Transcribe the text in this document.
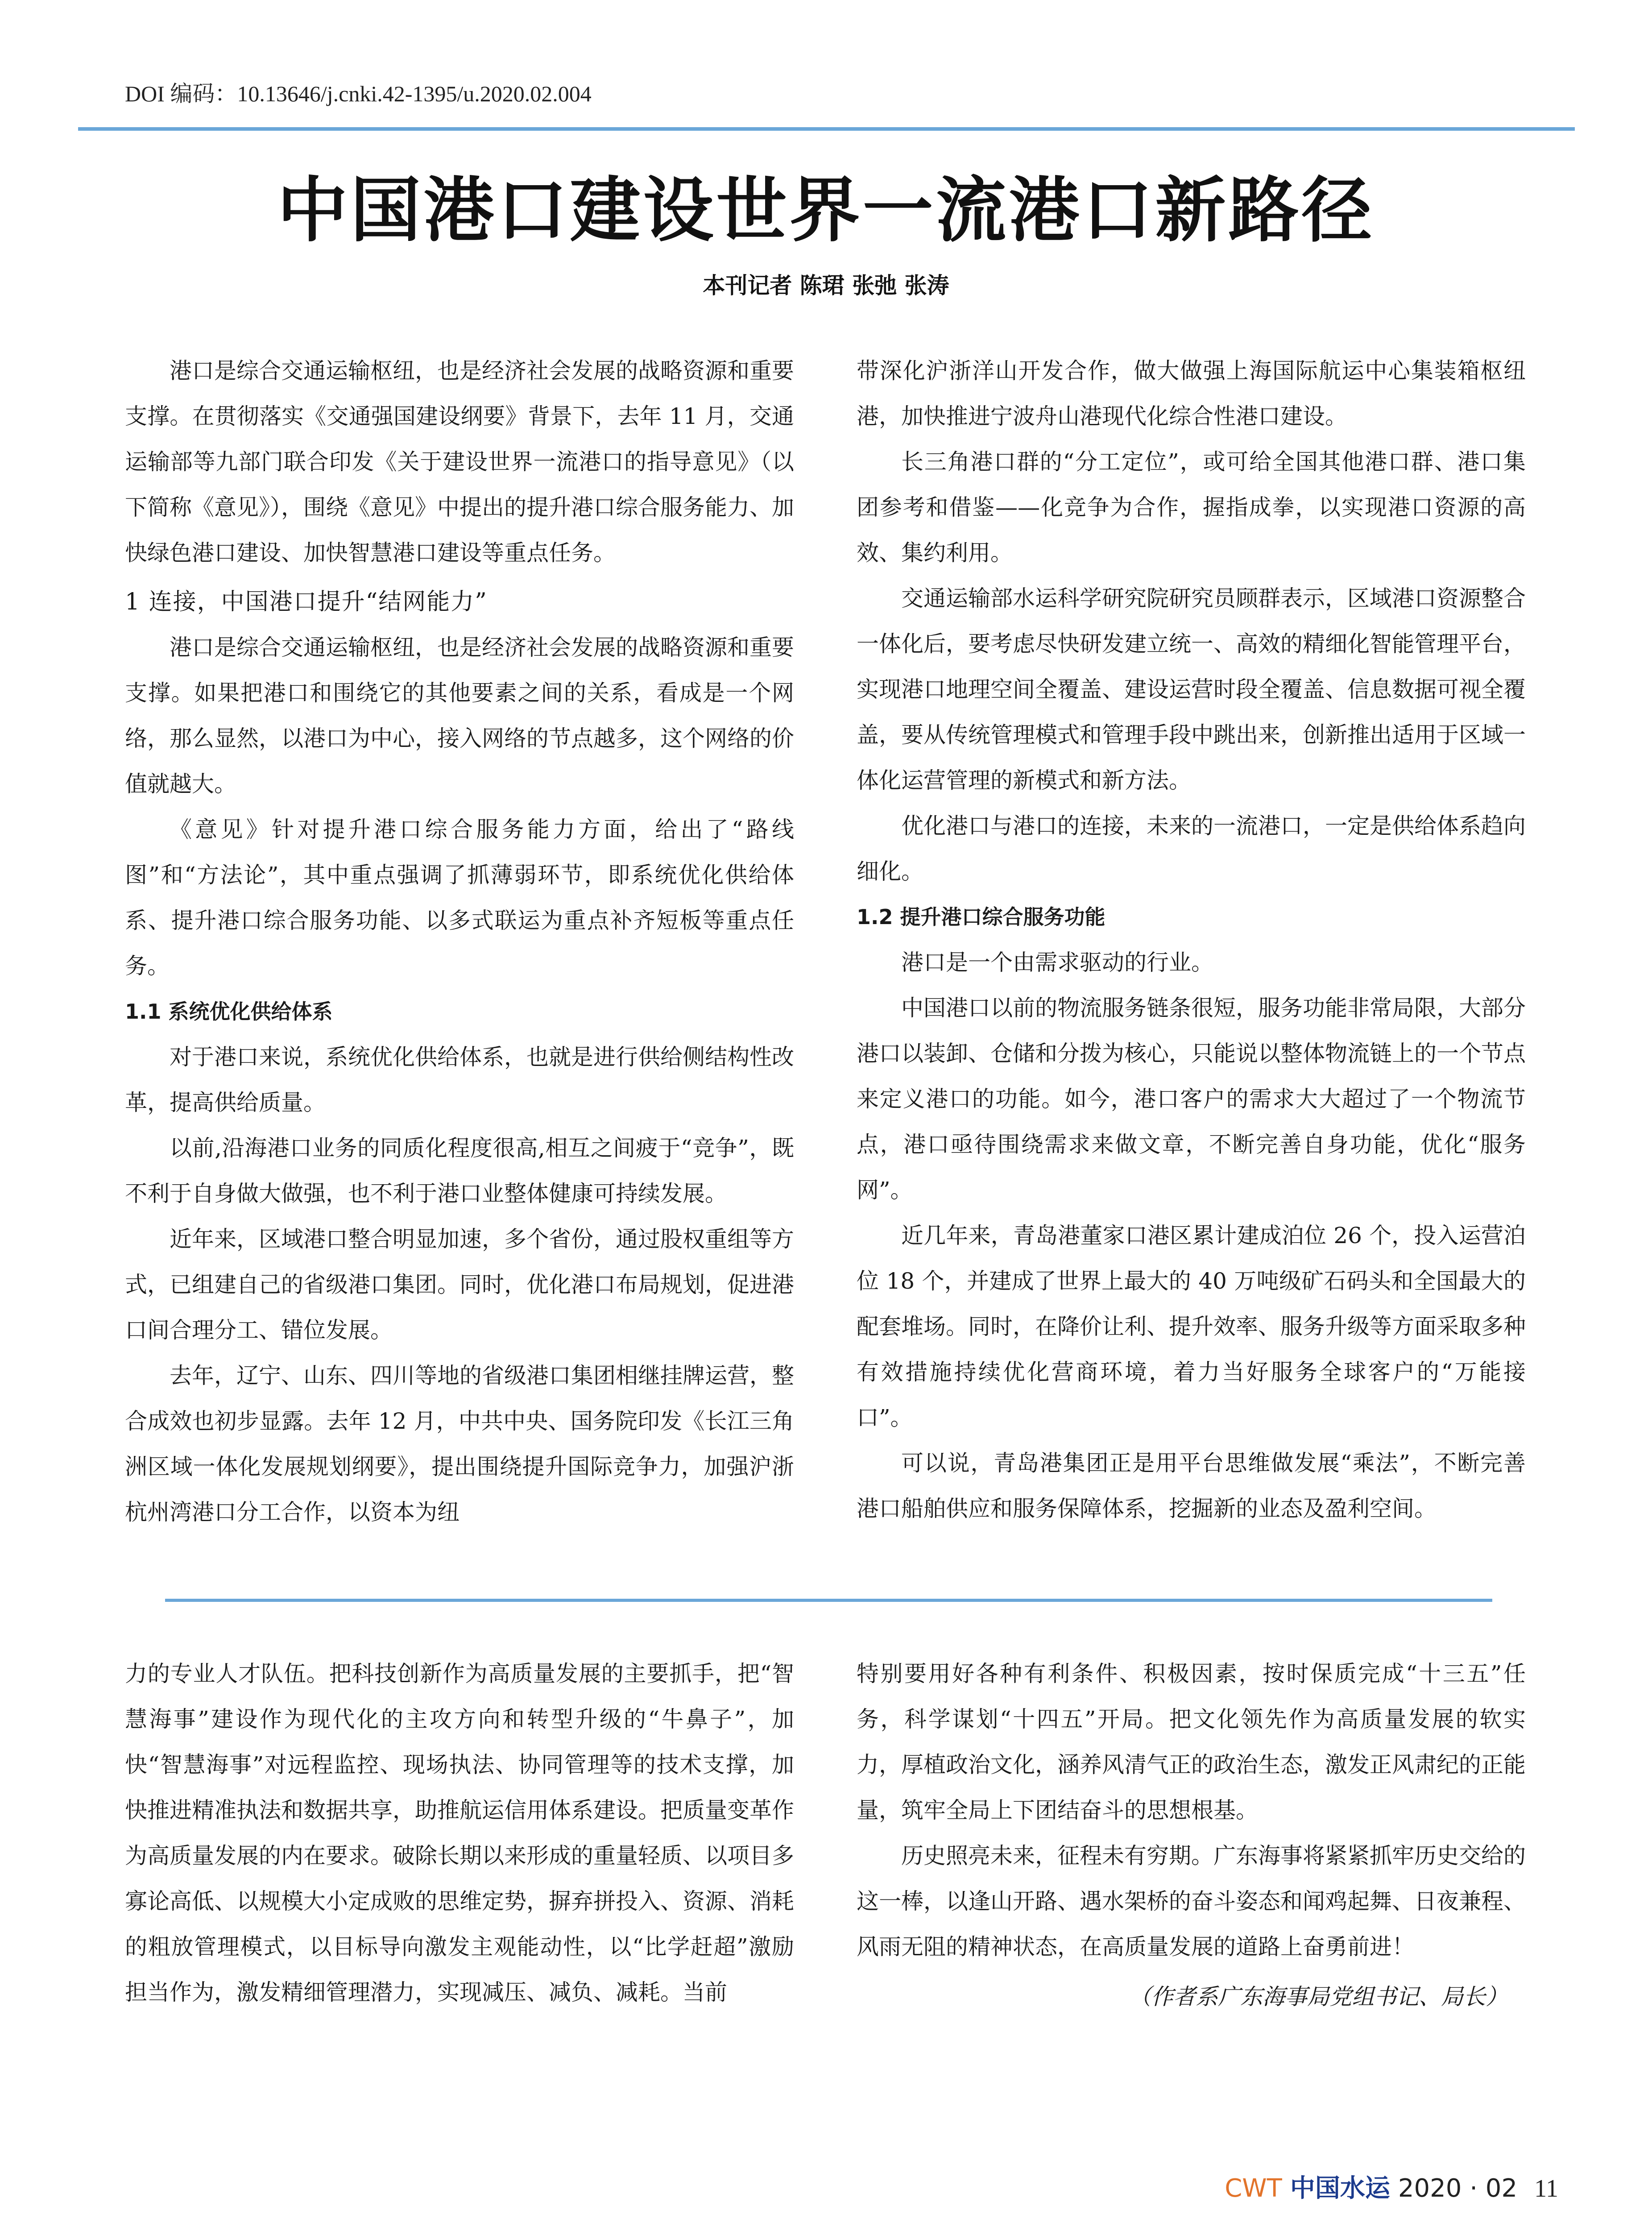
DOI 编码：10.13646/j.cnki.42-1395/u.2020.02.004
中国港口建设世界一流港口新路径
本刊记者 陈珺 张弛 张涛

港口是综合交通运输枢纽，也是经济社会发展的战略资源和重要支撑。在贯彻落实《交通强国建设纲要》背景下，去年 11 月，交通运输部等九部门联合印发《关于建设世界一流港口的指导意见》（以下简称《意见》），围绕《意见》中提出的提升港口综合服务能力、加快绿色港口建设、加快智慧港口建设等重点任务。

1 连接，中国港口提升“结网能力”

港口是综合交通运输枢纽，也是经济社会发展的战略资源和重要支撑。如果把港口和围绕它的其他要素之间的关系，看成是一个网络，那么显然，以港口为中心，接入网络的节点越多，这个网络的价值就越大。

《意见》针对提升港口综合服务能力方面，给出了“路线图”和“方法论”，其中重点强调了抓薄弱环节，即系统优化供给体系、提升港口综合服务功能、以多式联运为重点补齐短板等重点任务。

1.1 系统优化供给体系

对于港口来说，系统优化供给体系，也就是进行供给侧结构性改革，提高供给质量。

以前,沿海港口业务的同质化程度很高,相互之间疲于“竞争”，既不利于自身做大做强，也不利于港口业整体健康可持续发展。

近年来，区域港口整合明显加速，多个省份，通过股权重组等方式，已组建自己的省级港口集团。同时，优化港口布局规划，促进港口间合理分工、错位发展。

去年，辽宁、山东、四川等地的省级港口集团相继挂牌运营，整合成效也初步显露。去年 12 月，中共中央、国务院印发《长江三角洲区域一体化发展规划纲要》，提出围绕提升国际竞争力，加强沪浙杭州湾港口分工合作，以资本为纽

带深化沪浙洋山开发合作，做大做强上海国际航运中心集装箱枢纽港，加快推进宁波舟山港现代化综合性港口建设。

长三角港口群的“分工定位”，或可给全国其他港口群、港口集团参考和借鉴——化竞争为合作，握指成拳，以实现港口资源的高效、集约利用。

交通运输部水运科学研究院研究员顾群表示，区域港口资源整合一体化后，要考虑尽快研发建立统一、高效的精细化智能管理平台，实现港口地理空间全覆盖、建设运营时段全覆盖、信息数据可视全覆盖，要从传统管理模式和管理手段中跳出来，创新推出适用于区域一体化运营管理的新模式和新方法。

优化港口与港口的连接，未来的一流港口，一定是供给体系趋向细化。

1.2 提升港口综合服务功能

港口是一个由需求驱动的行业。

中国港口以前的物流服务链条很短，服务功能非常局限，大部分港口以装卸、仓储和分拨为核心，只能说以整体物流链上的一个节点来定义港口的功能。如今，港口客户的需求大大超过了一个物流节点，港口亟待围绕需求来做文章，不断完善自身功能，优化“服务网”。

近几年来，青岛港董家口港区累计建成泊位 26 个，投入运营泊位 18 个，并建成了世界上最大的 40 万吨级矿石码头和全国最大的配套堆场。同时，在降价让利、提升效率、服务升级等方面采取多种有效措施持续优化营商环境，着力当好服务全球客户的“万能接口”。

可以说，青岛港集团正是用平台思维做发展“乘法”，不断完善港口船舶供应和服务保障体系，挖掘新的业态及盈利空间。

力的专业人才队伍。把科技创新作为高质量发展的主要抓手，把“智慧海事”建设作为现代化的主攻方向和转型升级的“牛鼻子”，加快“智慧海事”对远程监控、现场执法、协同管理等的技术支撑，加快推进精准执法和数据共享，助推航运信用体系建设。把质量变革作为高质量发展的内在要求。破除长期以来形成的重量轻质、以项目多寡论高低、以规模大小定成败的思维定势，摒弃拼投入、资源、消耗的粗放管理模式，以目标导向激发主观能动性，以“比学赶超”激励担当作为，激发精细管理潜力，实现减压、减负、减耗。当前

特别要用好各种有利条件、积极因素，按时保质完成“十三五”任务，科学谋划“十四五”开局。把文化领先作为高质量发展的软实力，厚植政治文化，涵养风清气正的政治生态，激发正风肃纪的正能量，筑牢全局上下团结奋斗的思想根基。

历史照亮未来，征程未有穷期。广东海事将紧紧抓牢历史交给的这一棒，以逢山开路、遇水架桥的奋斗姿态和闻鸡起舞、日夜兼程、风雨无阻的精神状态，在高质量发展的道路上奋勇前进！

（作者系广东海事局党组书记、局长）

CWT 中国水运 2020 · 02 11
